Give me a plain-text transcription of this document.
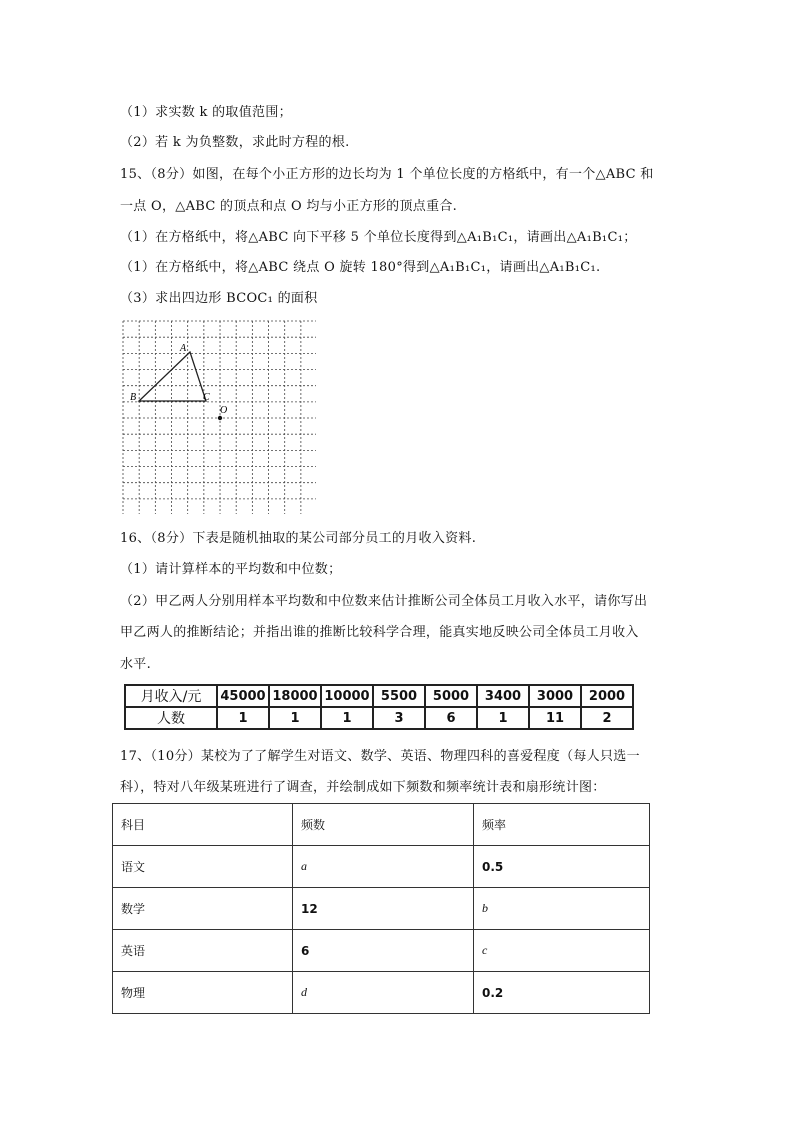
（1）求实数 k 的取值范围；
（2）若 k 为负整数，求此时方程的根.
15、（8分）如图，在每个小正方形的边长均为 1 个单位长度的方格纸中，有一个△ABC 和
一点 O，△ABC 的顶点和点 O 均与小正方形的顶点重合.
（1）在方格纸中，将△ABC 向下平移 5 个单位长度得到△A₁B₁C₁，请画出△A₁B₁C₁；
（1）在方格纸中，将△ABC 绕点 O 旋转 180°得到△A₁B₁C₁，请画出△A₁B₁C₁.
（3）求出四边形 BCOC₁ 的面积
A
B	C
O
16、（8分）下表是随机抽取的某公司部分员工的月收入资料.
（1）请计算样本的平均数和中位数；
（2）甲乙两人分别用样本平均数和中位数来估计推断公司全体员工月收入水平，请你写出
甲乙两人的推断结论；并指出谁的推断比较科学合理，能真实地反映公司全体员工月收入
水平.
月收入/元	45000	18000	10000	5500	5000	3400	3000	2000
人数	1	1	1	3	6	1	11	2
17、（10分）某校为了了解学生对语文、数学、英语、物理四科的喜爱程度（每人只选一
科），特对八年级某班进行了调查，并绘制成如下频数和频率统计表和扇形统计图：
科目	频数	频率
语文	a	0.5
数学	12	b
英语	6	c
物理	d	0.2
